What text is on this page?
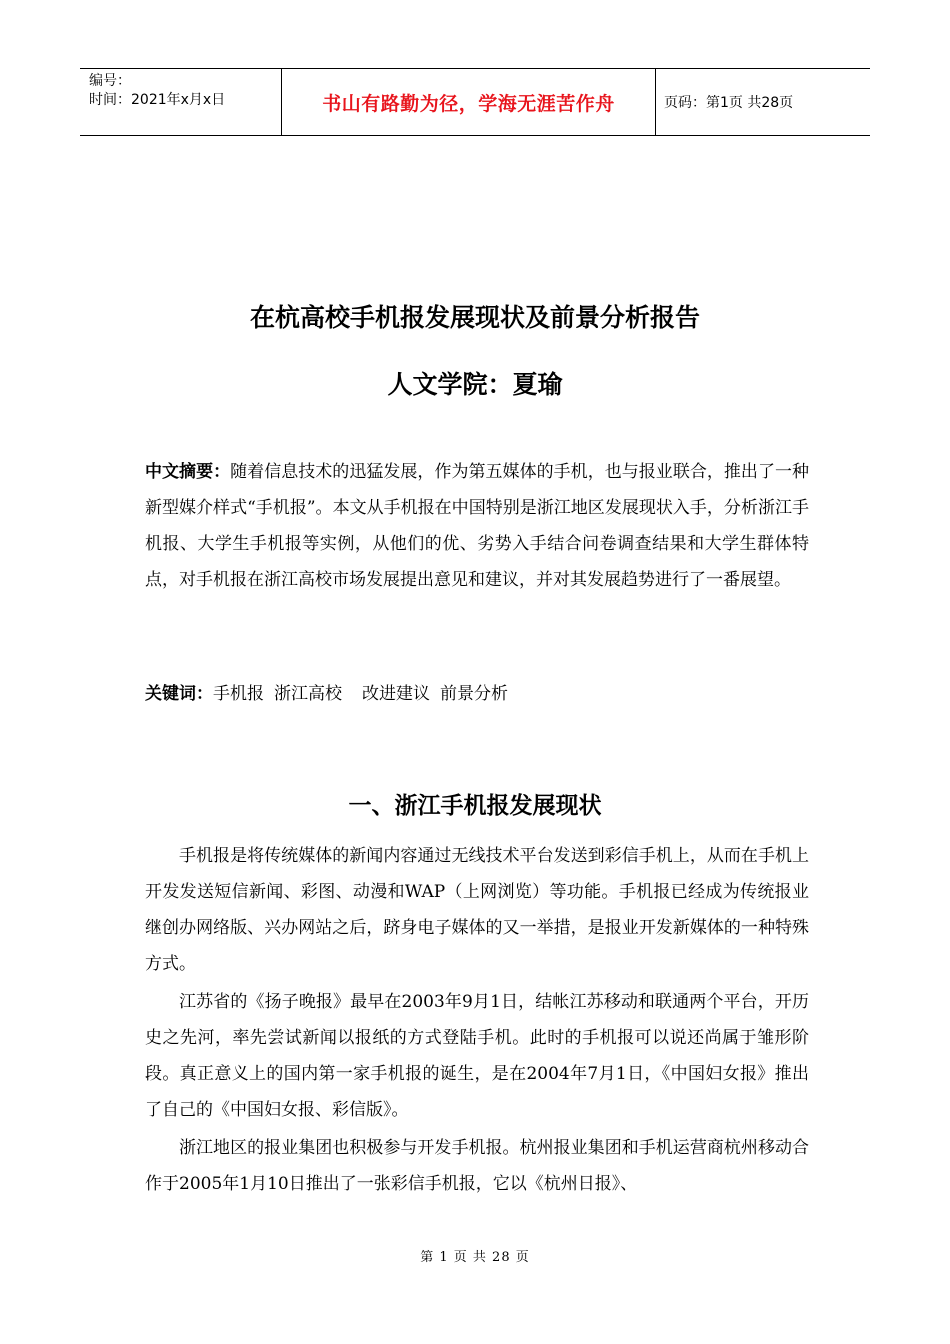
编号：
时间：2021年x月x日	书山有路勤为径，学海无涯苦作舟	页码：第1页 共28页
在杭高校手机报发展现状及前景分析报告
人文学院：夏瑜

中文摘要：随着信息技术的迅猛发展，作为第五媒体的手机，也与报业联合，推出了一种新型媒介样式“手机报”。本文从手机报在中国特别是浙江地区发展现状入手，分析浙江手机报、大学生手机报等实例，从他们的优、劣势入手结合问卷调查结果和大学生群体特点，对手机报在浙江高校市场发展提出意见和建议，并对其发展趋势进行了一番展望。

关键词：手机报 浙江高校 改进建议 前景分析

一、浙江手机报发展现状

手机报是将传统媒体的新闻内容通过无线技术平台发送到彩信手机上，从而在手机上开发发送短信新闻、彩图、动漫和WAP（上网浏览）等功能。手机报已经成为传统报业继创办网络版、兴办网站之后，跻身电子媒体的又一举措，是报业开发新媒体的一种特殊方式。

江苏省的《扬子晚报》最早在2003年9月1日，结帐江苏移动和联通两个平台，开历史之先河，率先尝试新闻以报纸的方式登陆手机。此时的手机报可以说还尚属于雏形阶段。真正意义上的国内第一家手机报的诞生，是在2004年7月1日，《中国妇女报》推出了自己的《中国妇女报、彩信版》。

浙江地区的报业集团也积极参与开发手机报。杭州报业集团和手机运营商杭州移动合作于2005年1月10日推出了一张彩信手机报，它以《杭州日报》、

第 1 页 共 28 页
